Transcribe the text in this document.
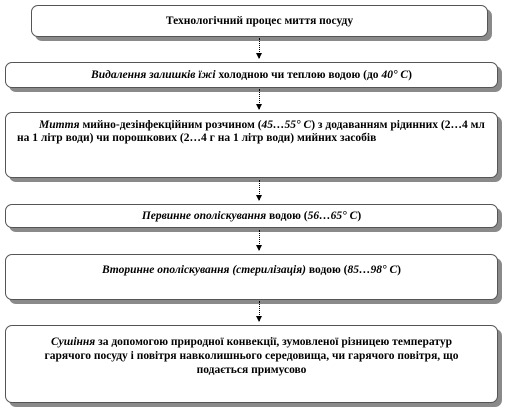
Технологічний процес миття посуду
Видалення залишків їжі холодною чи теплою водою (до 40° С)
Миття мийно-дезінфекційним розчином (45…55° С) з додаванням рідинних (2…4 мл на 1 літр води) чи порошкових (2…4 г на 1 літр води) мийних засобів
Первинне ополіскування водою (56…65° С)
Вторинне ополіскування (стерилізація) водою (85…98° С)
Сушіння за допомогою природної конвекції, зумовленої різницею температур гарячого посуду і повітря навколишнього середовища, чи гарячого повітря, що подається примусово
